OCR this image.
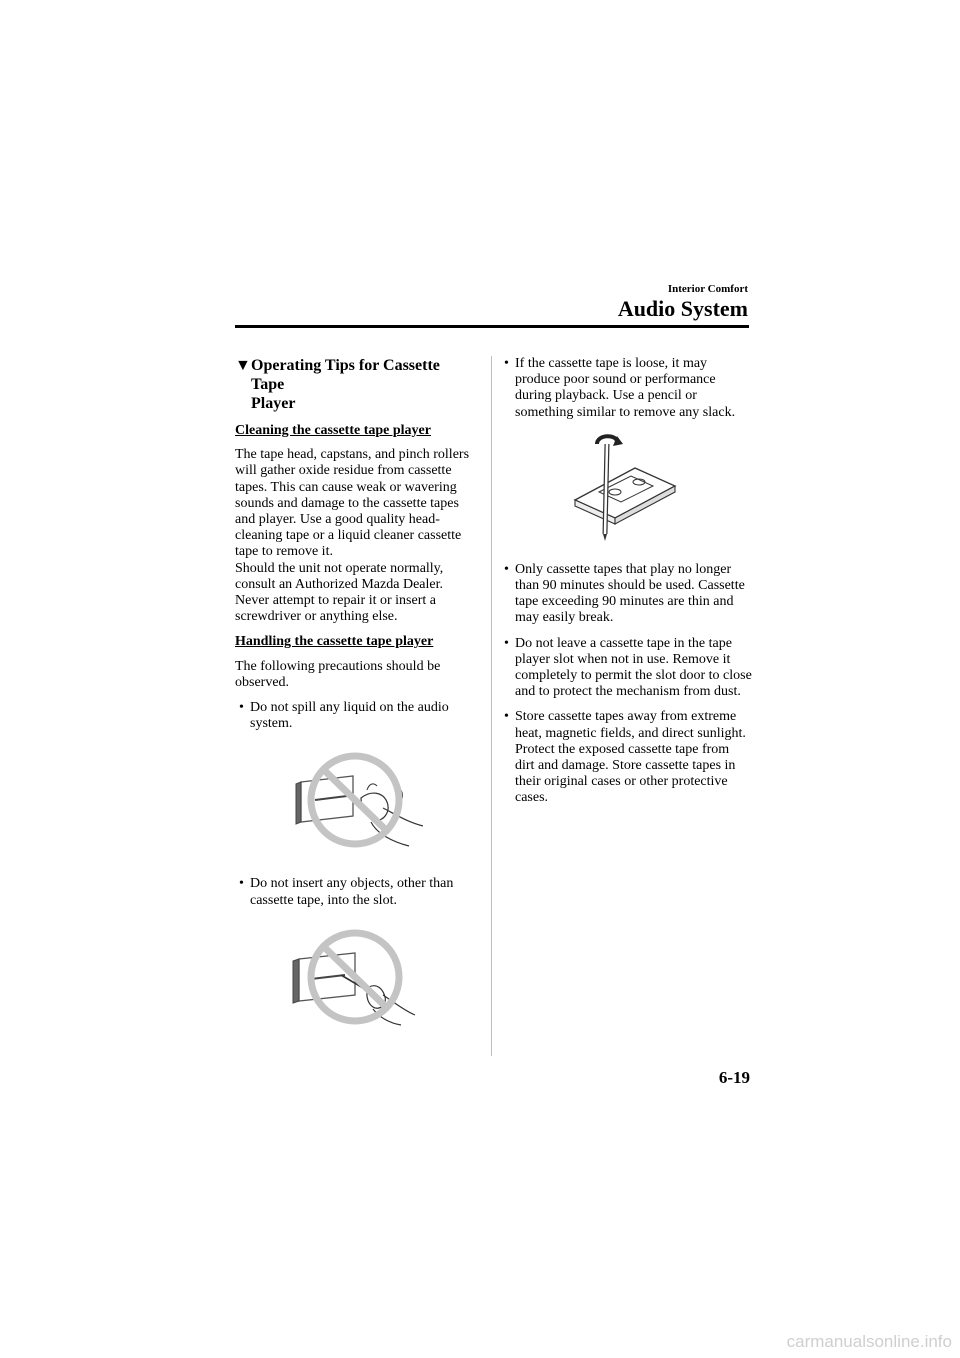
Interior Comfort
Audio System
▼ Operating Tips for Cassette Tape
Player
Cleaning the cassette tape player

The tape head, capstans, and pinch rollers will gather oxide residue from cassette tapes. This can cause weak or wavering sounds and damage to the cassette tapes and player. Use a good quality head-cleaning tape or a liquid cleaner cassette tape to remove it.

Should the unit not operate normally, consult an Authorized Mazda Dealer. Never attempt to repair it or insert a screwdriver or anything else.

Handling the cassette tape player

The following precautions should be observed.

• Do not spill any liquid on the audio system.
• Do not insert any objects, other than cassette tape, into the slot.
• If the cassette tape is loose, it may produce poor sound or performance during playback. Use a pencil or something similar to remove any slack.
• Only cassette tapes that play no longer than 90 minutes should be used. Cassette tape exceeding 90 minutes are thin and may easily break.
• Do not leave a cassette tape in the tape player slot when not in use. Remove it completely to permit the slot door to close and to protect the mechanism from dust.
• Store cassette tapes away from extreme heat, magnetic fields, and direct sunlight. Protect the exposed cassette tape from dirt and damage. Store cassette tapes in their original cases or other protective cases.
6-19
carmanualsonline.info
